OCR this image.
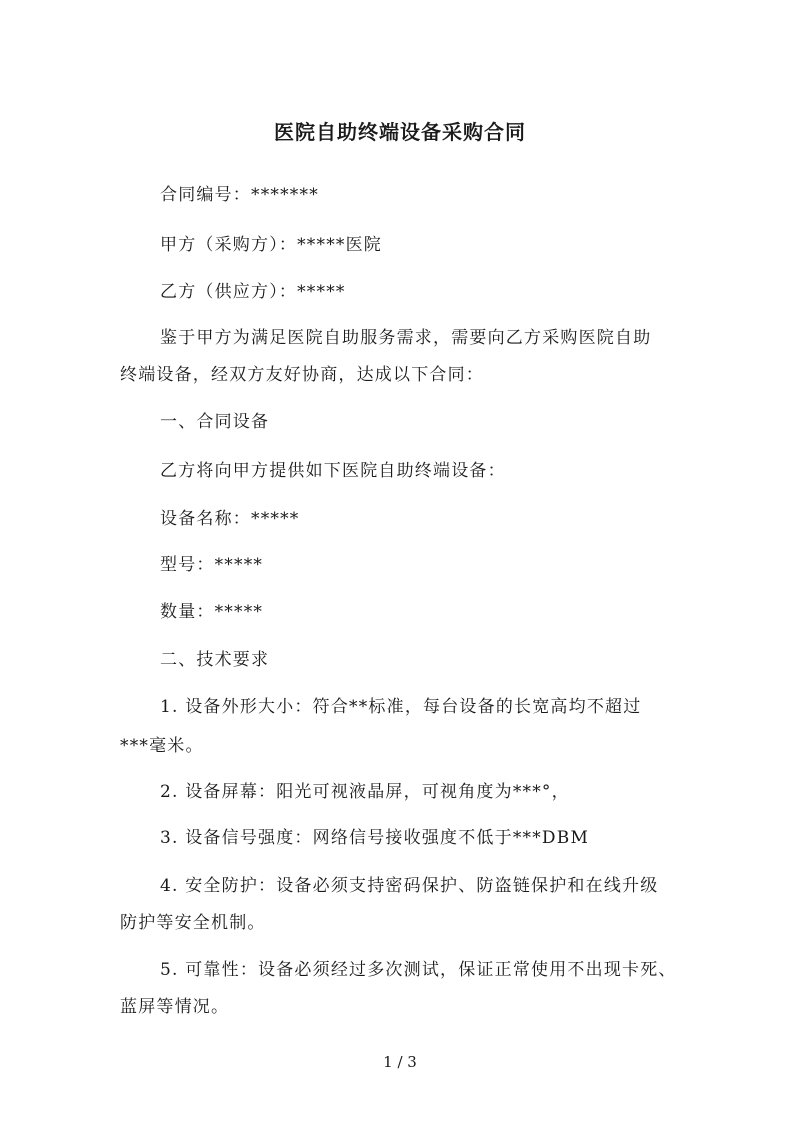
医院自助终端设备采购合同
合同编号：*******
甲方（采购方）：*****医院
乙方（供应方）：*****
鉴于甲方为满足医院自助服务需求，需要向乙方采购医院自助
终端设备，经双方友好协商，达成以下合同：
一、合同设备
乙方将向甲方提供如下医院自助终端设备：
设备名称：*****
型号：*****
数量：*****
二、技术要求
1. 设备外形大小：符合**标准，每台设备的长宽高均不超过
***毫米。
2. 设备屏幕：阳光可视液晶屏，可视角度为***°，
3. 设备信号强度：网络信号接收强度不低于***DBM
4. 安全防护：设备必须支持密码保护、防盗链保护和在线升级
防护等安全机制。
5. 可靠性：设备必须经过多次测试，保证正常使用不出现卡死、
蓝屏等情况。
1 / 3
